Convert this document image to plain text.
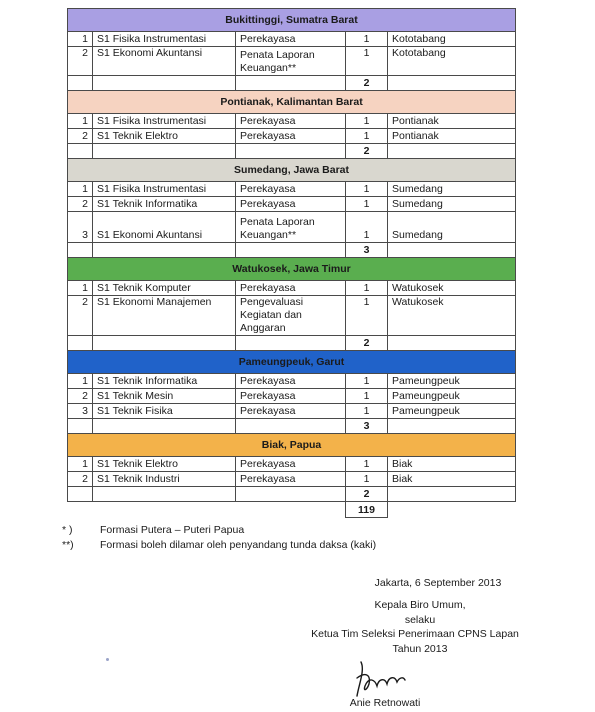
Bukittinggi, Sumatra Barat				
1	S1 Fisika Instrumentasi	Perekayasa	1	Kototabang
2	S1 Ekonomi Akuntansi	Penata Laporan Keuangan**	1	Kototabang
			2	
Pontianak, Kalimantan Barat				
1	S1 Fisika Instrumentasi	Perekayasa	1	Pontianak
2	S1 Teknik Elektro	Perekayasa	1	Pontianak
			2	
Sumedang, Jawa Barat				
1	S1 Fisika Instrumentasi	Perekayasa	1	Sumedang
2	S1 Teknik Informatika	Perekayasa	1	Sumedang
3	S1 Ekonomi Akuntansi	Penata Laporan Keuangan**	1	Sumedang
			3	
Watukosek, Jawa Timur				
1	S1 Teknik Komputer	Perekayasa	1	Watukosek
2	S1 Ekonomi Manajemen	Pengevaluasi Kegiatan dan Anggaran	1	Watukosek
			2	
Pameungpeuk, Garut				
1	S1 Teknik Informatika	Perekayasa	1	Pameungpeuk
2	S1 Teknik Mesin	Perekayasa	1	Pameungpeuk
3	S1 Teknik Fisika	Perekayasa	1	Pameungpeuk
			3	
Biak, Papua				
1	S1 Teknik Elektro	Perekayasa	1	Biak
2	S1 Teknik Industri	Perekayasa	1	Biak
			2	
			119	
* )	Formasi Putera – Puteri Papua
**)	Formasi boleh dilamar oleh penyandang tunda daksa (kaki)
Jakarta, 6 September 2013
Kepala Biro Umum,
selaku
Ketua Tim Seleksi Penerimaan CPNS Lapan
Tahun 2013
Anie Retnowati
